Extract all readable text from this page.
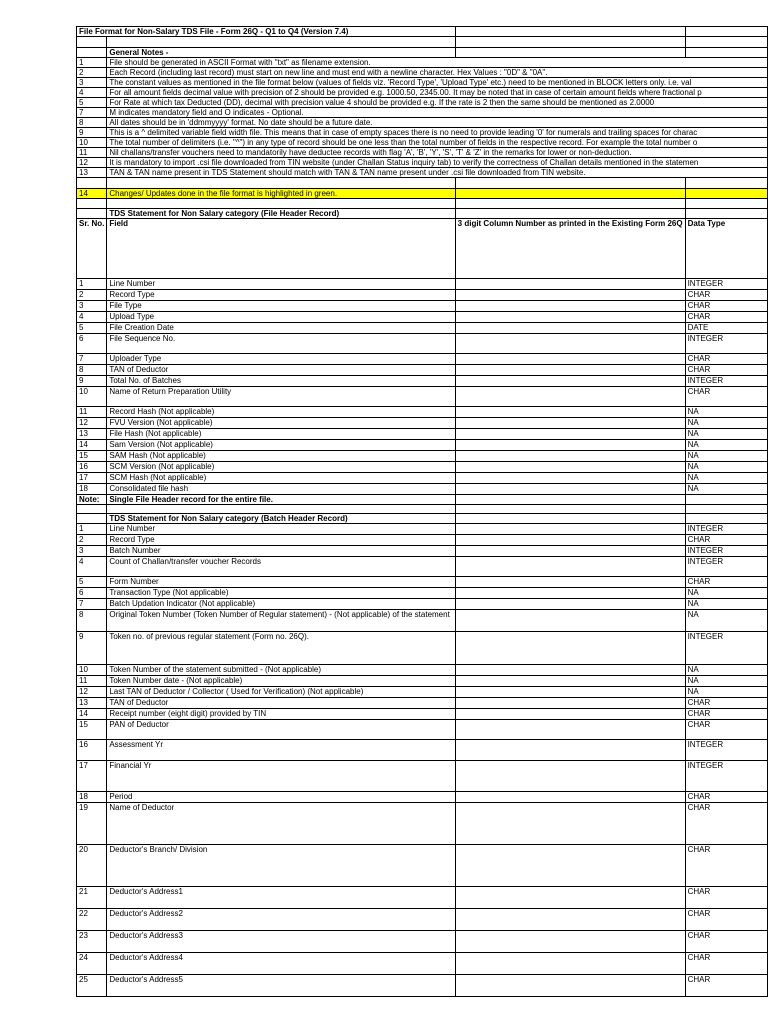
File Format for Non-Salary TDS File - Form 26Q - Q1 to Q4 (Version 7.4)			

	General Notes -		
1	File should be generated in ASCII Format with "txt" as filename extension.		
2	Each Record (including last record) must start on new line and must end with a newline character. Hex Values : "0D" & "0A".		
3	The constant values as mentioned in the file format below (values of fields viz. 'Record Type', 'Upload Type' etc.) need to be mentioned in BLOCK letters only. i.e. val		
4	For all amount fields decimal value with precision of 2 should be provided e.g. 1000.50, 2345.00. It may be noted that in case of certain amount fields where fractional p		
5	For Rate at which tax Deducted (DD), decimal with precision value 4 should be provided e.g. If the rate is 2 then the same should be mentioned as 2.0000		
7	M indicates mandatory field and O indicates - Optional.		
8	All dates should be in 'ddmmyyyy' format. No date should be a future date.		
9	This is a ^ delimited variable field width file. This means that in case of empty spaces there is no need to provide leading '0' for numerals and trailing spaces for charac		
10	The total number of delimiters (i.e. "^") in any type of record should be one less than the total number of fields in the respective record. For example the total number o		
11	Nil challans/transfer vouchers need to mandatorily have deductee records with flag 'A', 'B', 'Y', 'S', 'T' & 'Z' in the remarks for lower or non-deduction.		
12	It is mandatory to import .csi file downloaded from TIN website (under Challan Status inquiry tab) to verify the correctness of Challan details mentioned in the statemen		
13	TAN & TAN name present in TDS Statement should match with TAN & TAN name present under .csi file downloaded from TIN website.		

14	Changes/ Updates done in the file format is highlighted in green.		

	TDS Statement for Non Salary category (File Header Record)		
Sr. No.	Field	3 digit Column Number as printed in the Existing Form 26Q	Data Type
1	Line Number		INTEGER
2	Record Type		CHAR
3	File Type		CHAR
4	Upload Type		CHAR
5	File Creation Date		DATE
6	File Sequence No.		INTEGER
7	Uploader Type		CHAR
8	TAN of Deductor		CHAR
9	Total No. of Batches		INTEGER
10	Name of Return Preparation Utility		CHAR
11	Record Hash (Not applicable)		NA
12	FVU Version (Not applicable)		NA
13	File Hash (Not applicable)		NA
14	Sam Version (Not applicable)		NA
15	SAM Hash (Not applicable)		NA
16	SCM Version (Not applicable)		NA
17	SCM Hash (Not applicable)		NA
18	Consolidated file hash		NA
Note:	Single File Header record for the entire file.		

	TDS Statement for Non Salary category (Batch Header Record)		
1	Line Number		INTEGER
2	Record Type		CHAR
3	Batch Number		INTEGER
4	Count of Challan/transfer voucher Records		INTEGER
5	Form Number		CHAR
6	Transaction Type (Not applicable)		NA
7	Batch Updation Indicator (Not applicable)		NA
8	Original Token Number (Token Number of Regular statement) - (Not applicable) of the statement		NA
9	Token no. of previous regular statement (Form no. 26Q).		INTEGER
10	Token Number of the statement submitted - (Not applicable)		NA
11	Token Number date - (Not applicable)		NA
12	Last TAN of Deductor / Collector ( Used for Verification) (Not applicable)		NA
13	TAN of Deductor		CHAR
14	Receipt number (eight digit) provided by TIN		CHAR
15	PAN of Deductor		CHAR
16	Assessment Yr		INTEGER
17	Financial Yr		INTEGER
18	Period		CHAR
19	Name of Deductor		CHAR
20	Deductor's Branch/ Division		CHAR
21	Deductor's Address1		CHAR
22	Deductor's Address2		CHAR
23	Deductor's Address3		CHAR
24	Deductor's Address4		CHAR
25	Deductor's Address5		CHAR
